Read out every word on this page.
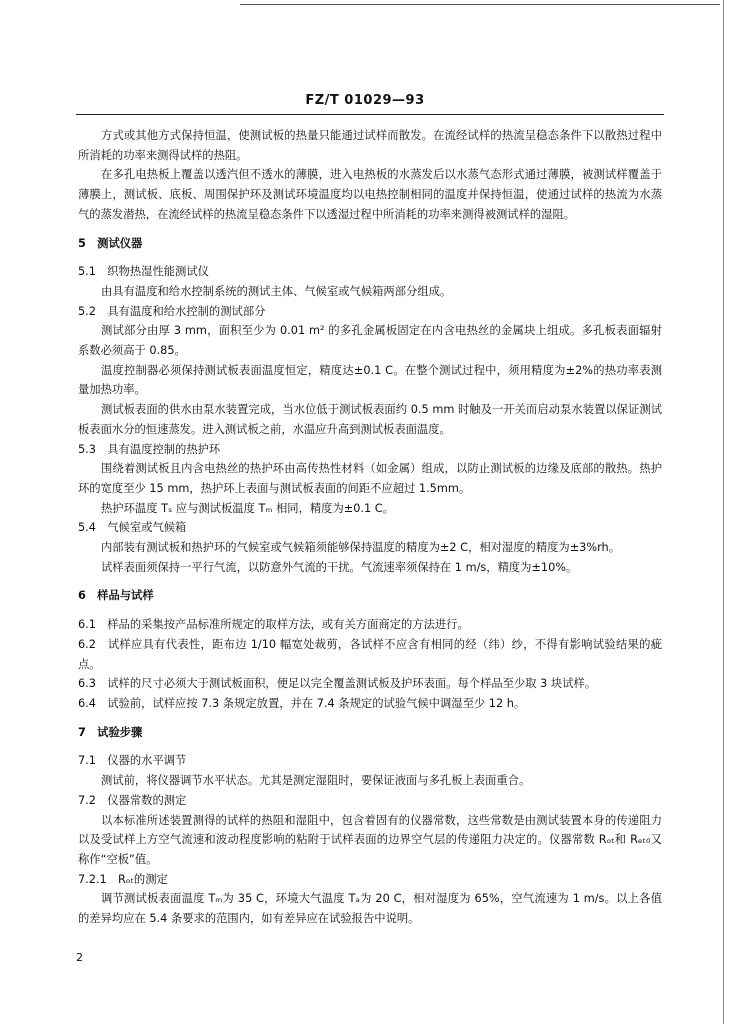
FZ/T 01029—93

方式或其他方式保持恒温，使测试板的热量只能通过试样而散发。在流经试样的热流呈稳态条件下以散热过程中所消耗的功率来测得试样的热阻。

在多孔电热板上覆盖以透汽但不透水的薄膜，进入电热板的水蒸发后以水蒸气态形式通过薄膜，被测试样覆盖于薄膜上，测试板、底板、周围保护环及测试环境温度均以电热控制相同的温度并保持恒温，使通过试样的热流为水蒸气的蒸发潜热，在流经试样的热流呈稳态条件下以透湿过程中所消耗的功率来测得被测试样的湿阻。

5　测试仪器

5.1　织物热湿性能测试仪

由具有温度和给水控制系统的测试主体、气候室或气候箱两部分组成。

5.2　具有温度和给水控制的测试部分

测试部分由厚 3 mm，面积至少为 0.01 m² 的多孔金属板固定在内含电热丝的金属块上组成。多孔板表面辐射系数必须高于 0.85。

温度控制器必须保持测试板表面温度恒定，精度达±0.1 C。在整个测试过程中，须用精度为±2%的热功率表测量加热功率。

测试板表面的供水由泵水装置完成，当水位低于测试板表面约 0.5 mm 时触及一开关而启动泵水装置以保证测试板表面水分的恒速蒸发。进入测试板之前，水温应升高到测试板表面温度。

5.3　具有温度控制的热护环

围绕着测试板且内含电热丝的热护环由高传热性材料（如金属）组成，以防止测试板的边缘及底部的散热。热护环的宽度至少 15 mm，热护环上表面与测试板表面的间距不应超过 1.5mm。

热护环温度 Tₛ 应与测试板温度 Tₘ 相同，精度为±0.1 C。

5.4　气候室或气候箱

内部装有测试板和热护环的气候室或气候箱须能够保持温度的精度为±2 C，相对湿度的精度为±3%rh。

试样表面须保持一平行气流，以防意外气流的干扰。气流速率须保持在 1 m/s，精度为±10%。

6　样品与试样

6.1　样品的采集按产品标准所规定的取样方法，或有关方面商定的方法进行。

6.2　试样应具有代表性，距布边 1/10 幅宽处裁剪，各试样不应含有相同的经（纬）纱，不得有影响试验结果的疵点。

6.3　试样的尺寸必须大于测试板面积，便足以完全覆盖测试板及护环表面。每个样品至少取 3 块试样。

6.4　试验前，试样应按 7.3 条规定放置，并在 7.4 条规定的试验气候中调湿至少 12 h。

7　试验步骤

7.1　仪器的水平调节

测试前，将仪器调节水平状态。尤其是测定湿阻时，要保证液面与多孔板上表面重合。

7.2　仪器常数的测定

以本标准所述装置测得的试样的热阻和湿阻中，包含着固有的仪器常数，这些常数是由测试装置本身的传递阻力以及受试样上方空气流速和波动程度影响的粘附于试样表面的边界空气层的传递阻力决定的。仪器常数 Rₒₜ和 Rₑₜ₀又称作“空板”值。

7.2.1　Rₒₜ的测定

调节测试板表面温度 Tₘ为 35 C，环境大气温度 Tₐ为 20 C，相对湿度为 65%，空气流速为 1 m/s。以上各值的差异均应在 5.4 条要求的范围内，如有差异应在试验报告中说明。

2
